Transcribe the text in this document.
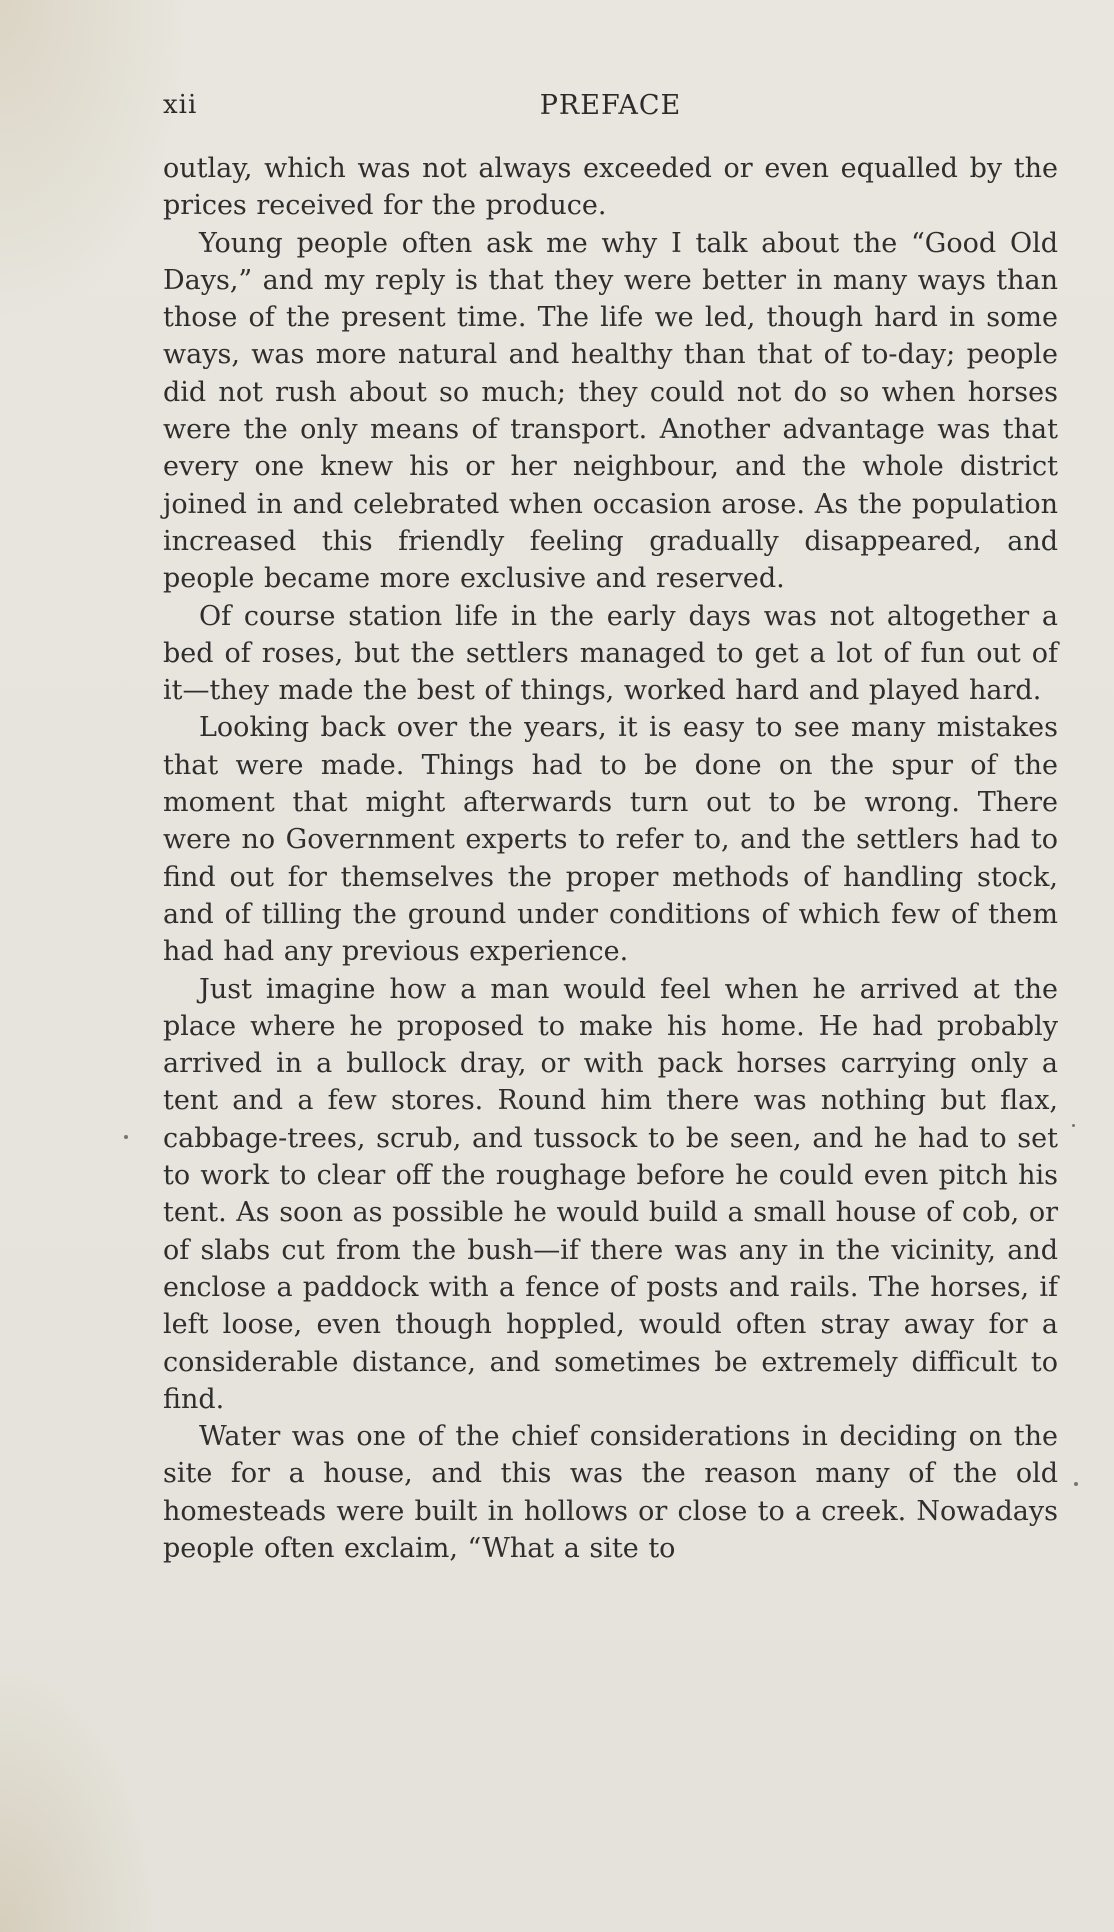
xii	PREFACE

outlay, which was not always exceeded or even equalled by the prices received for the produce.

Young people often ask me why I talk about the “Good Old Days,” and my reply is that they were better in many ways than those of the present time. The life we led, though hard in some ways, was more natural and healthy than that of to-day; people did not rush about so much; they could not do so when horses were the only means of transport. Another advantage was that every one knew his or her neighbour, and the whole district joined in and celebrated when occasion arose. As the population increased this friendly feeling gradually disappeared, and people became more exclusive and reserved.

Of course station life in the early days was not altogether a bed of roses, but the settlers managed to get a lot of fun out of it—they made the best of things, worked hard and played hard.

Looking back over the years, it is easy to see many mistakes that were made. Things had to be done on the spur of the moment that might afterwards turn out to be wrong. There were no Government experts to refer to, and the settlers had to find out for themselves the proper methods of handling stock, and of tilling the ground under conditions of which few of them had had any previous experience.

Just imagine how a man would feel when he arrived at the place where he proposed to make his home. He had probably arrived in a bullock dray, or with pack horses carrying only a tent and a few stores. Round him there was nothing but flax, cabbage-trees, scrub, and tussock to be seen, and he had to set to work to clear off the roughage before he could even pitch his tent. As soon as possible he would build a small house of cob, or of slabs cut from the bush—if there was any in the vicinity, and enclose a paddock with a fence of posts and rails. The horses, if left loose, even though hoppled, would often stray away for a considerable distance, and sometimes be extremely difficult to find.

Water was one of the chief considerations in deciding on the site for a house, and this was the reason many of the old homesteads were built in hollows or close to a creek. Nowadays people often exclaim, “What a site to
